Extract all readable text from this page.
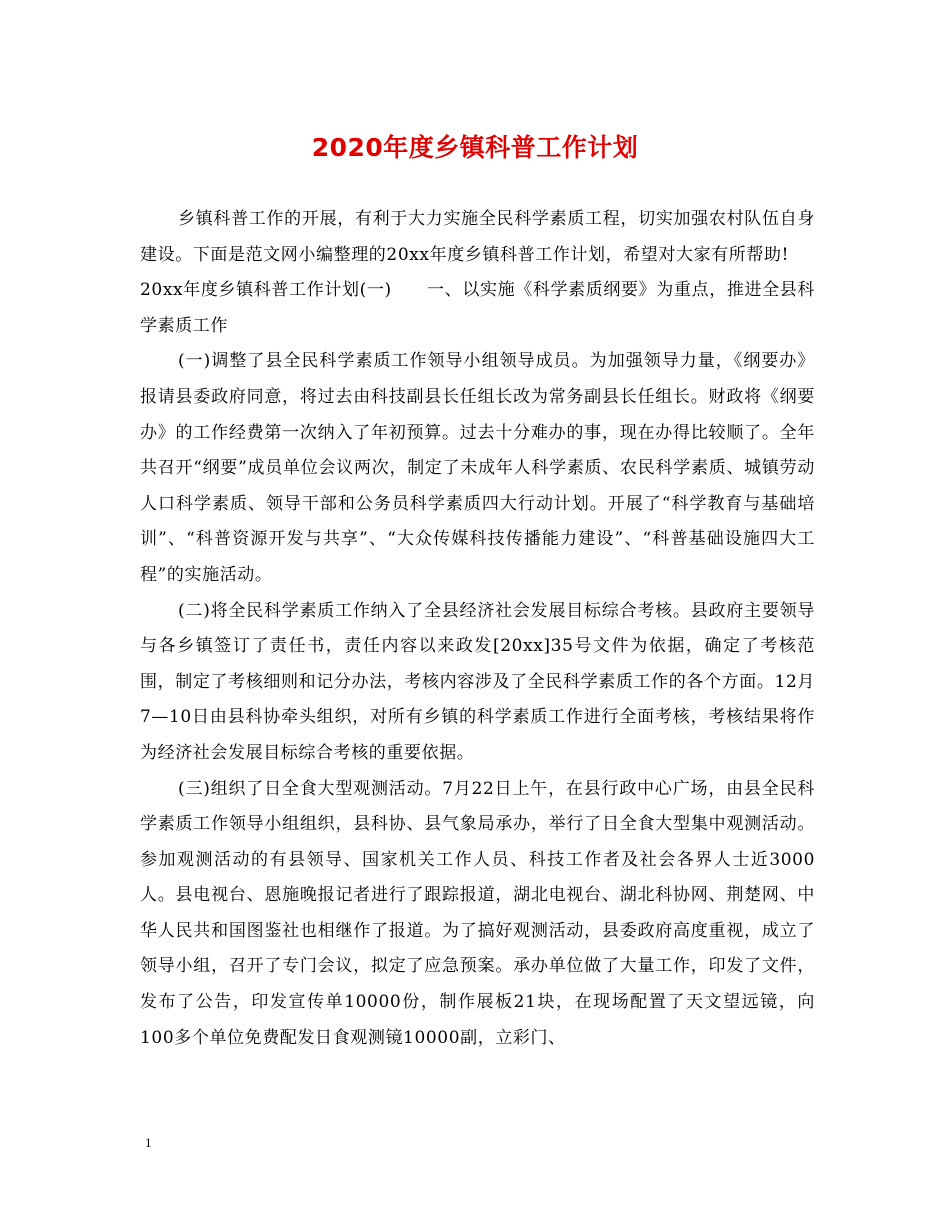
2020年度乡镇科普工作计划

乡镇科普工作的开展，有利于大力实施全民科学素质工程，切实加强农村队伍自身建设。下面是范文网小编整理的20xx年度乡镇科普工作计划，希望对大家有所帮助!

20xx年度乡镇科普工作计划(一)　　一、以实施《科学素质纲要》为重点，推进全县科学素质工作

(一)调整了县全民科学素质工作领导小组领导成员。为加强领导力量，《纲要办》报请县委政府同意，将过去由科技副县长任组长改为常务副县长任组长。财政将《纲要办》的工作经费第一次纳入了年初预算。过去十分难办的事，现在办得比较顺了。全年共召开“纲要”成员单位会议两次，制定了未成年人科学素质、农民科学素质、城镇劳动人口科学素质、领导干部和公务员科学素质四大行动计划。开展了“科学教育与基础培训”、“科普资源开发与共享”、“大众传媒科技传播能力建设”、“科普基础设施四大工程”的实施活动。

(二)将全民科学素质工作纳入了全县经济社会发展目标综合考核。县政府主要领导与各乡镇签订了责任书，责任内容以来政发[20xx]35号文件为依据，确定了考核范围，制定了考核细则和记分办法，考核内容涉及了全民科学素质工作的各个方面。12月7—10日由县科协牵头组织，对所有乡镇的科学素质工作进行全面考核，考核结果将作为经济社会发展目标综合考核的重要依据。

(三)组织了日全食大型观测活动。7月22日上午，在县行政中心广场，由县全民科学素质工作领导小组组织，县科协、县气象局承办，举行了日全食大型集中观测活动。参加观测活动的有县领导、国家机关工作人员、科技工作者及社会各界人士近3000人。县电视台、恩施晚报记者进行了跟踪报道，湖北电视台、湖北科协网、荆楚网、中华人民共和国图鉴社也相继作了报道。为了搞好观测活动，县委政府高度重视，成立了领导小组，召开了专门会议，拟定了应急预案。承办单位做了大量工作，印发了文件，发布了公告，印发宣传单10000份，制作展板21块，在现场配置了天文望远镜，向100多个单位免费配发日食观测镜10000副，立彩门、

1
